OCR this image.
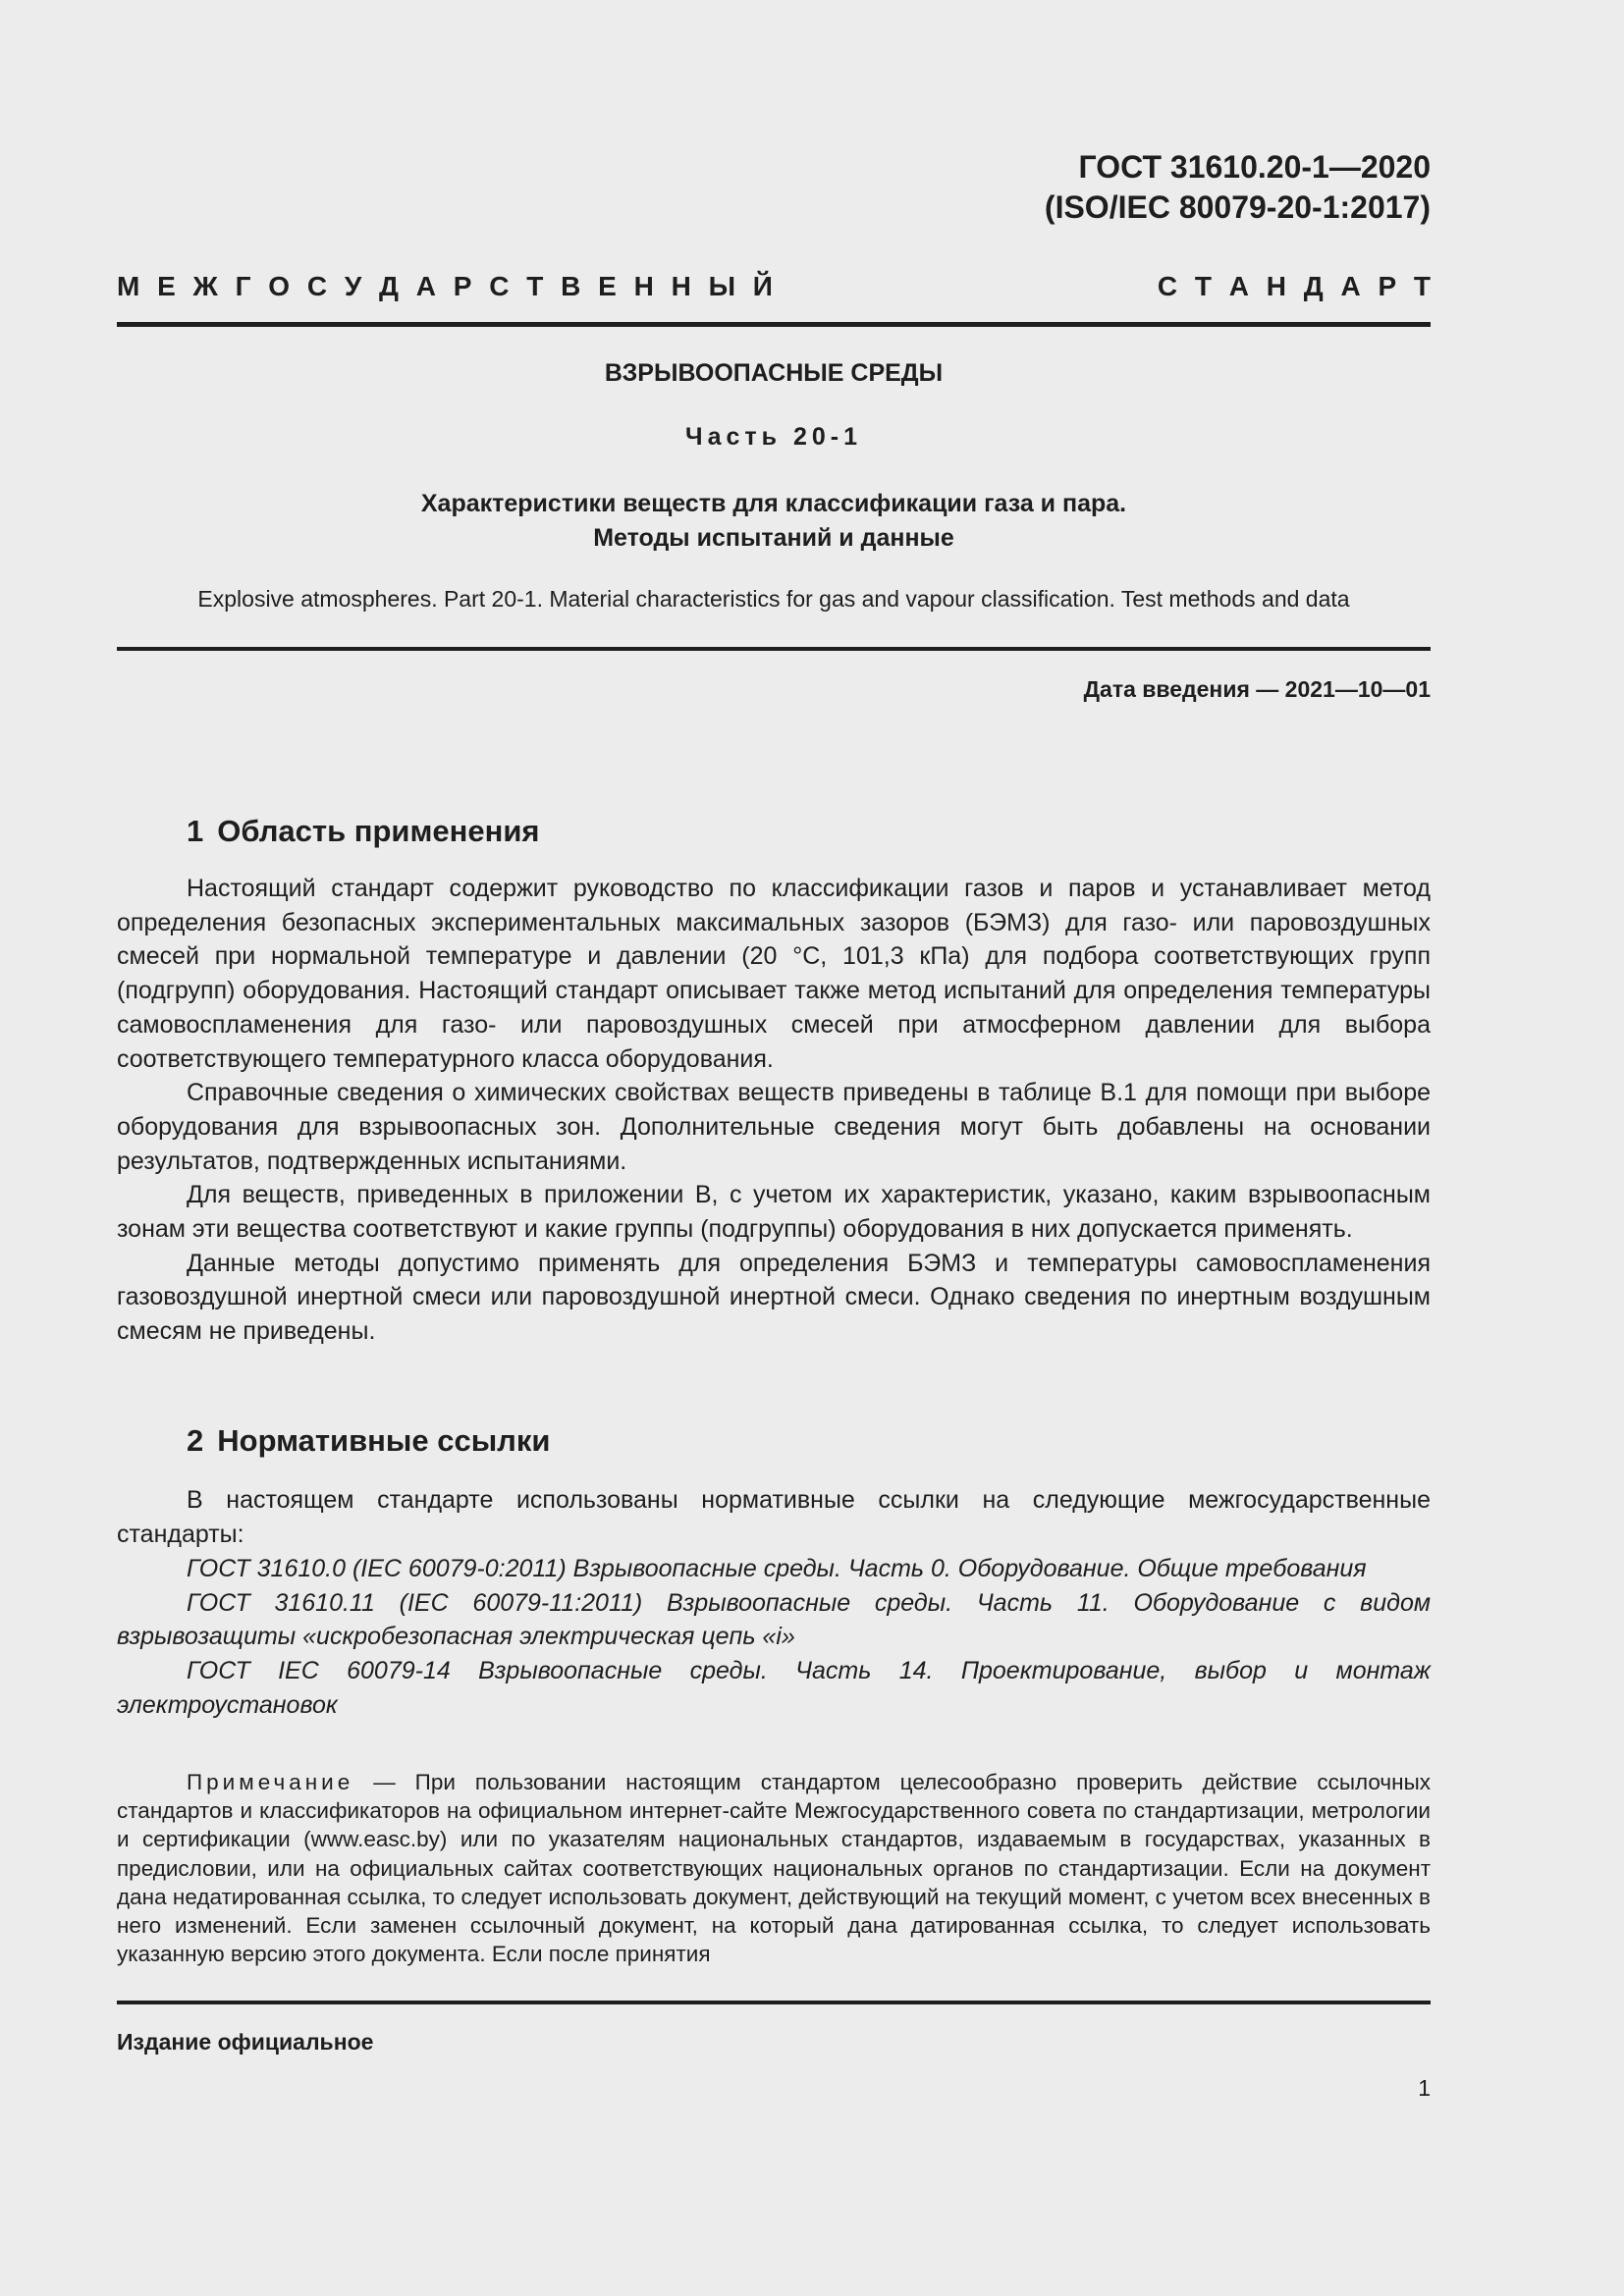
ГОСТ 31610.20-1—2020
(ISO/IEC 80079-20-1:2017)
М Е Ж Г О С У Д А Р С Т В Е Н Н Ы Й	С Т А Н Д А Р Т
ВЗРЫВООПАСНЫЕ СРЕДЫ
Часть 20-1
Характеристики веществ для классификации газа и пара.
Методы испытаний и данные
Explosive atmospheres. Part 20-1. Material characteristics for gas and vapour classification. Test methods and data
Дата введения — 2021—10—01
1 Область применения

Настоящий стандарт содержит руководство по классификации газов и паров и устанавливает метод определения безопасных экспериментальных максимальных зазоров (БЭМЗ) для газо- или паровоздушных смесей при нормальной температуре и давлении (20 °С, 101,3 кПа) для подбора соответствующих групп (подгрупп) оборудования. Настоящий стандарт описывает также метод испытаний для определения температуры самовоспламенения для газо- или паровоздушных смесей при атмосферном давлении для выбора соответствующего температурного класса оборудования.

Справочные сведения о химических свойствах веществ приведены в таблице В.1 для помощи при выборе оборудования для взрывоопасных зон. Дополнительные сведения могут быть добавлены на основании результатов, подтвержденных испытаниями.

Для веществ, приведенных в приложении В, с учетом их характеристик, указано, каким взрывоопасным зонам эти вещества соответствуют и какие группы (подгруппы) оборудования в них допускается применять.

Данные методы допустимо применять для определения БЭМЗ и температуры самовоспламенения газовоздушной инертной смеси или паровоздушной инертной смеси. Однако сведения по инертным воздушным смесям не приведены.

2 Нормативные ссылки

В настоящем стандарте использованы нормативные ссылки на следующие межгосударственные стандарты:

ГОСТ 31610.0 (IEC 60079-0:2011) Взрывоопасные среды. Часть 0. Оборудование. Общие требования

ГОСТ 31610.11 (IEC 60079-11:2011) Взрывоопасные среды. Часть 11. Оборудование с видом взрывозащиты «искробезопасная электрическая цепь «i»

ГОСТ IEC 60079-14 Взрывоопасные среды. Часть 14. Проектирование, выбор и монтаж электроустановок

Примечание — При пользовании настоящим стандартом целесообразно проверить действие ссылочных стандартов и классификаторов на официальном интернет-сайте Межгосударственного совета по стандартизации, метрологии и сертификации (www.easc.by) или по указателям национальных стандартов, издаваемым в государствах, указанных в предисловии, или на официальных сайтах соответствующих национальных органов по стандартизации. Если на документ дана недатированная ссылка, то следует использовать документ, действующий на текущий момент, с учетом всех внесенных в него изменений. Если заменен ссылочный документ, на который дана датированная ссылка, то следует использовать указанную версию этого документа. Если после принятия
Издание официальное
1
